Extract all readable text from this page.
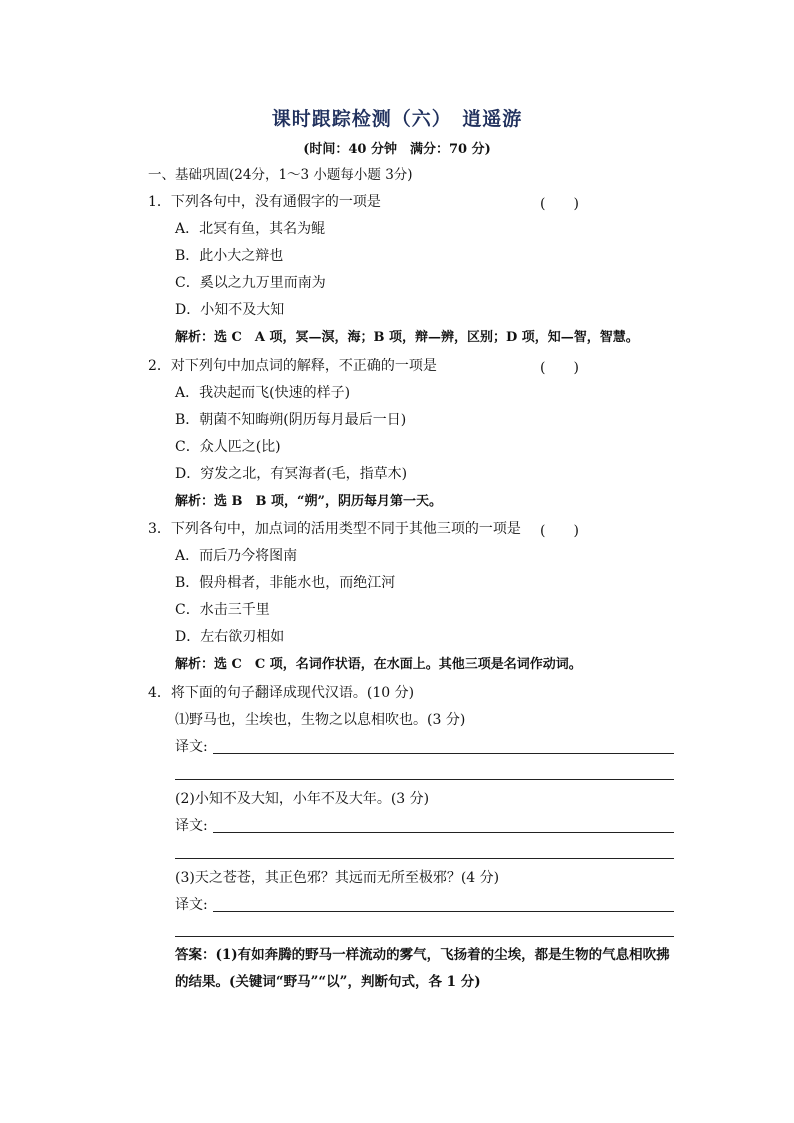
课时跟踪检测（六）　逍遥游
(时间：40 分钟　满分：70 分)
一、基础巩固(24分，1～3 小题每小题 3分)
1．下列各句中，没有通假字的一项是	(　　)
A．北冥有鱼，其名为鲲
B．此小大之辩也
C．奚以之九万里而南为
D．小知不及大知
解析：选 C　A 项，冥—溟，海；B 项，辩—辨，区别；D 项，知—智，智慧。
2．对下列句中加点词的解释，不正确的一项是	(　　)
A．我决起而飞(快速的样子)
B．朝菌不知晦朔(阴历每月最后一日)
C．众人匹之(比)
D．穷发之北，有冥海者(毛，指草木)
解析：选 B　B 项，“朔”，阴历每月第一天。
3．下列各句中，加点词的活用类型不同于其他三项的一项是 (　　)
A．而后乃今将图南
B．假舟楫者，非能水也，而绝江河
C．水击三千里
D．左右欲刃相如
解析：选 C　C 项，名词作状语，在水面上。其他三项是名词作动词。
4．将下面的句子翻译成现代汉语。(10 分)
⑴野马也，尘埃也，生物之以息相吹也。(3 分)
译文:
(2)小知不及大知，小年不及大年。(3 分)
译文:
(3)天之苍苍，其正色邪？其远而无所至极邪？(4 分)
译文:
答案：(1)有如奔腾的野马一样流动的雾气，飞扬着的尘埃，都是生物的气息相吹拂的结果。(关键词“野马”“以”，判断句式，各 1 分)
